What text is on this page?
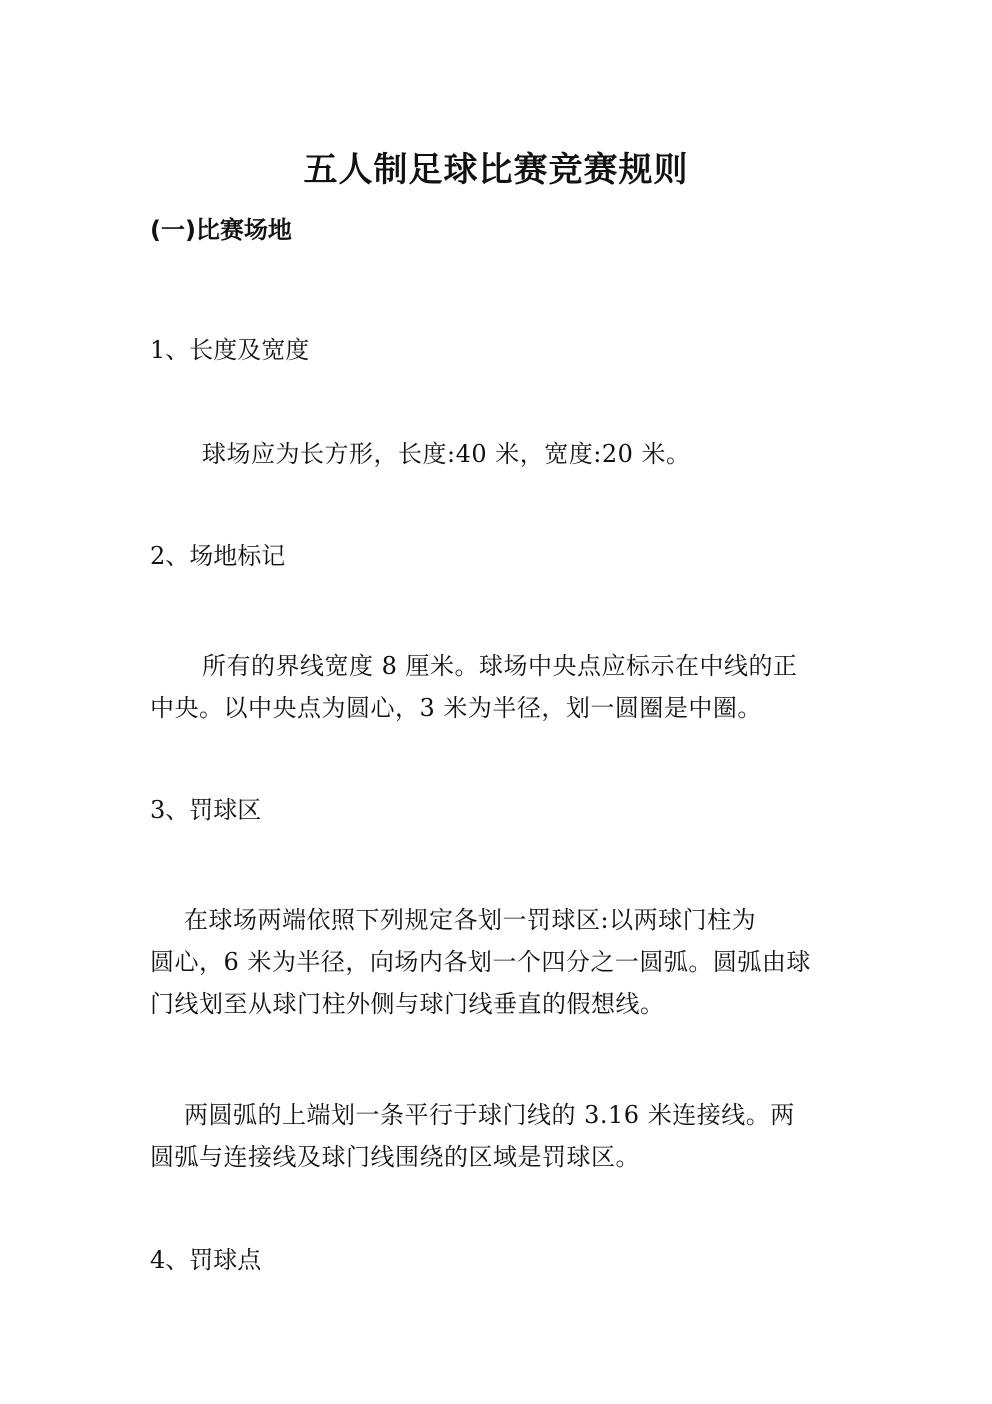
五人制足球比赛竞赛规则
(一)比赛场地
1、长度及宽度
球场应为长方形，长度:40 米，宽度:20 米。
2、场地标记
所有的界线宽度 8 厘米。球场中央点应标示在中线的正
中央。以中央点为圆心，3 米为半径，划一圆圈是中圈。
3、罚球区
在球场两端依照下列规定各划一罚球区:以两球门柱为
圆心，6 米为半径，向场内各划一个四分之一圆弧。圆弧由球
门线划至从球门柱外侧与球门线垂直的假想线。
两圆弧的上端划一条平行于球门线的 3.16 米连接线。两
圆弧与连接线及球门线围绕的区域是罚球区。
4、罚球点
